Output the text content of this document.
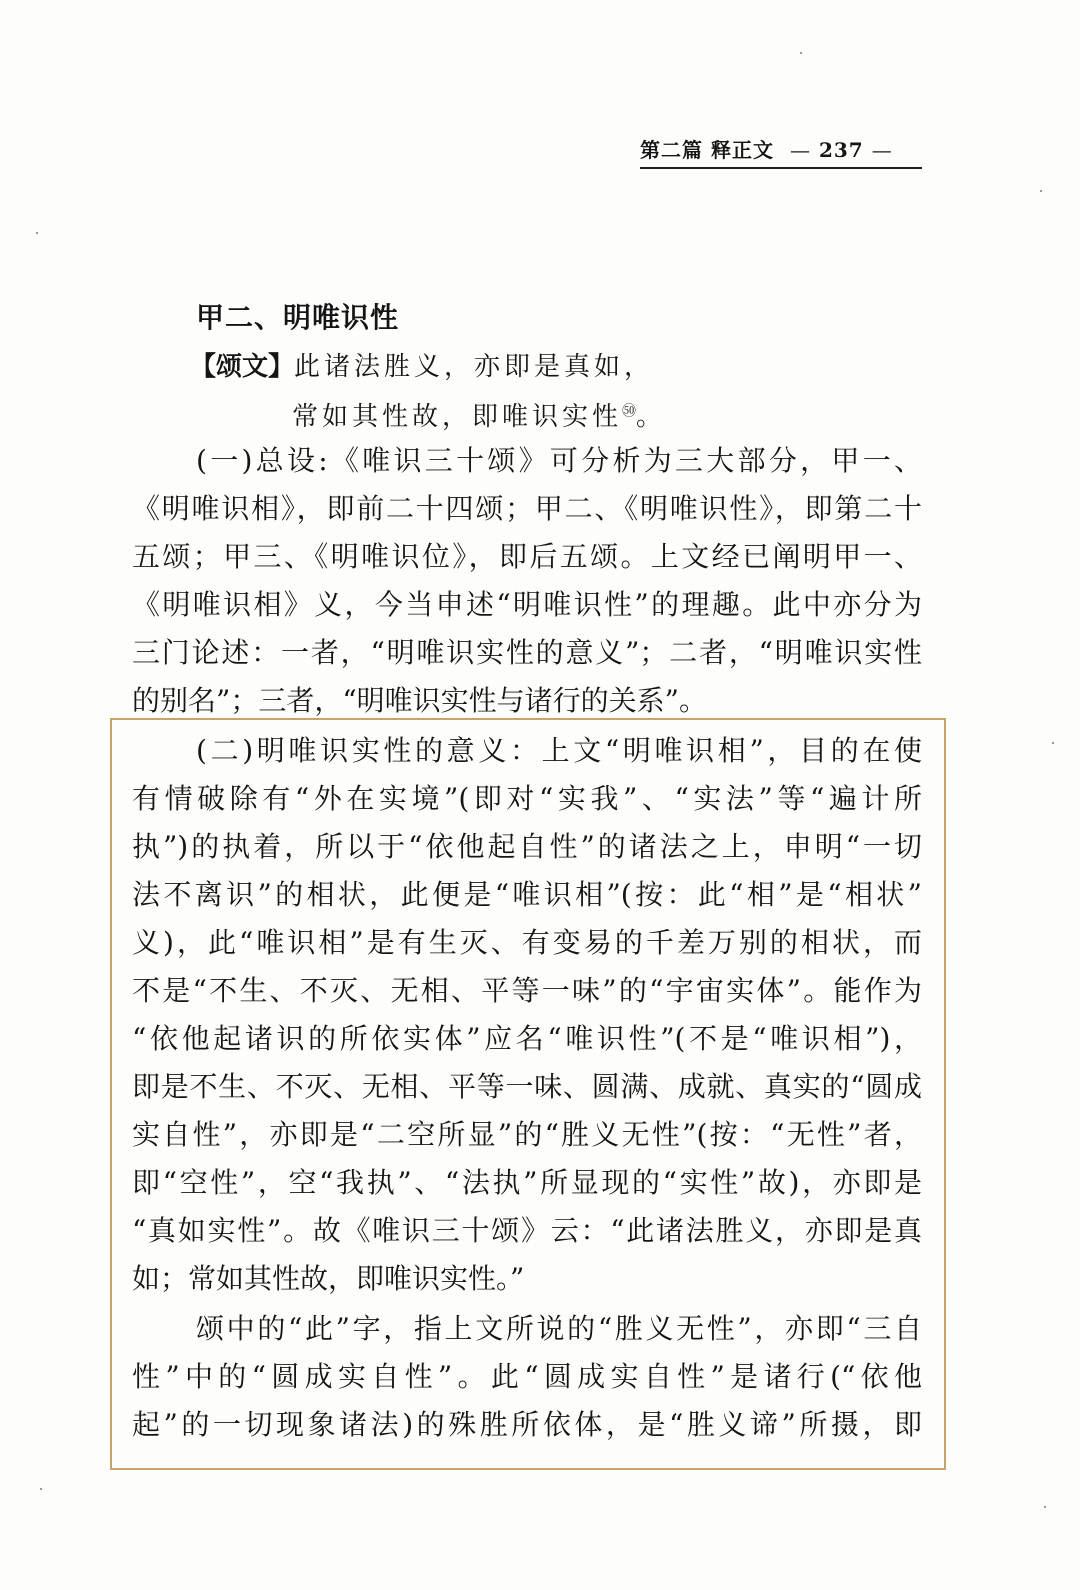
第二篇 释正文 — 237 —
甲二、明唯识性
【颂文】此诸法胜义，亦即是真如，
常如其性故，即唯识实性$^㊿$。
(一)总设:《唯识三十颂》可分析为三大部分，甲一、
《明唯识相》，即前二十四颂；甲二、《明唯识性》，即第二十
五颂；甲三、《明唯识位》，即后五颂。上文经已阐明甲一、
《明唯识相》义，今当申述“明唯识性”的理趣。此中亦分为
三门论述：一者，“明唯识实性的意义”；二者，“明唯识实性
的别名”；三者，“明唯识实性与诸行的关系”。
(二)明唯识实性的意义：上文“明唯识相”，目的在使
有情破除有“外在实境”(即对“实我”、“实法”等“遍计所
执”)的执着，所以于“依他起自性”的诸法之上，申明“一切
法不离识”的相状，此便是“唯识相”(按：此“相”是“相状”
义)，此“唯识相”是有生灭、有变易的千差万别的相状，而
不是“不生、不灭、无相、平等一味”的“宇宙实体”。能作为
“依他起诸识的所依实体”应名“唯识性”(不是“唯识相”)，
即是不生、不灭、无相、平等一味、圆满、成就、真实的“圆成
实自性”，亦即是“二空所显”的“胜义无性”(按：“无性”者，
即“空性”，空“我执”、“法执”所显现的“实性”故)，亦即是
“真如实性”。故《唯识三十颂》云：“此诸法胜义，亦即是真
如；常如其性故，即唯识实性。”
颂中的“此”字，指上文所说的“胜义无性”，亦即“三自
性”中的“圆成实自性”。此“圆成实自性”是诸行(“依他
起”的一切现象诸法)的殊胜所依体，是“胜义谛”所摄，即
